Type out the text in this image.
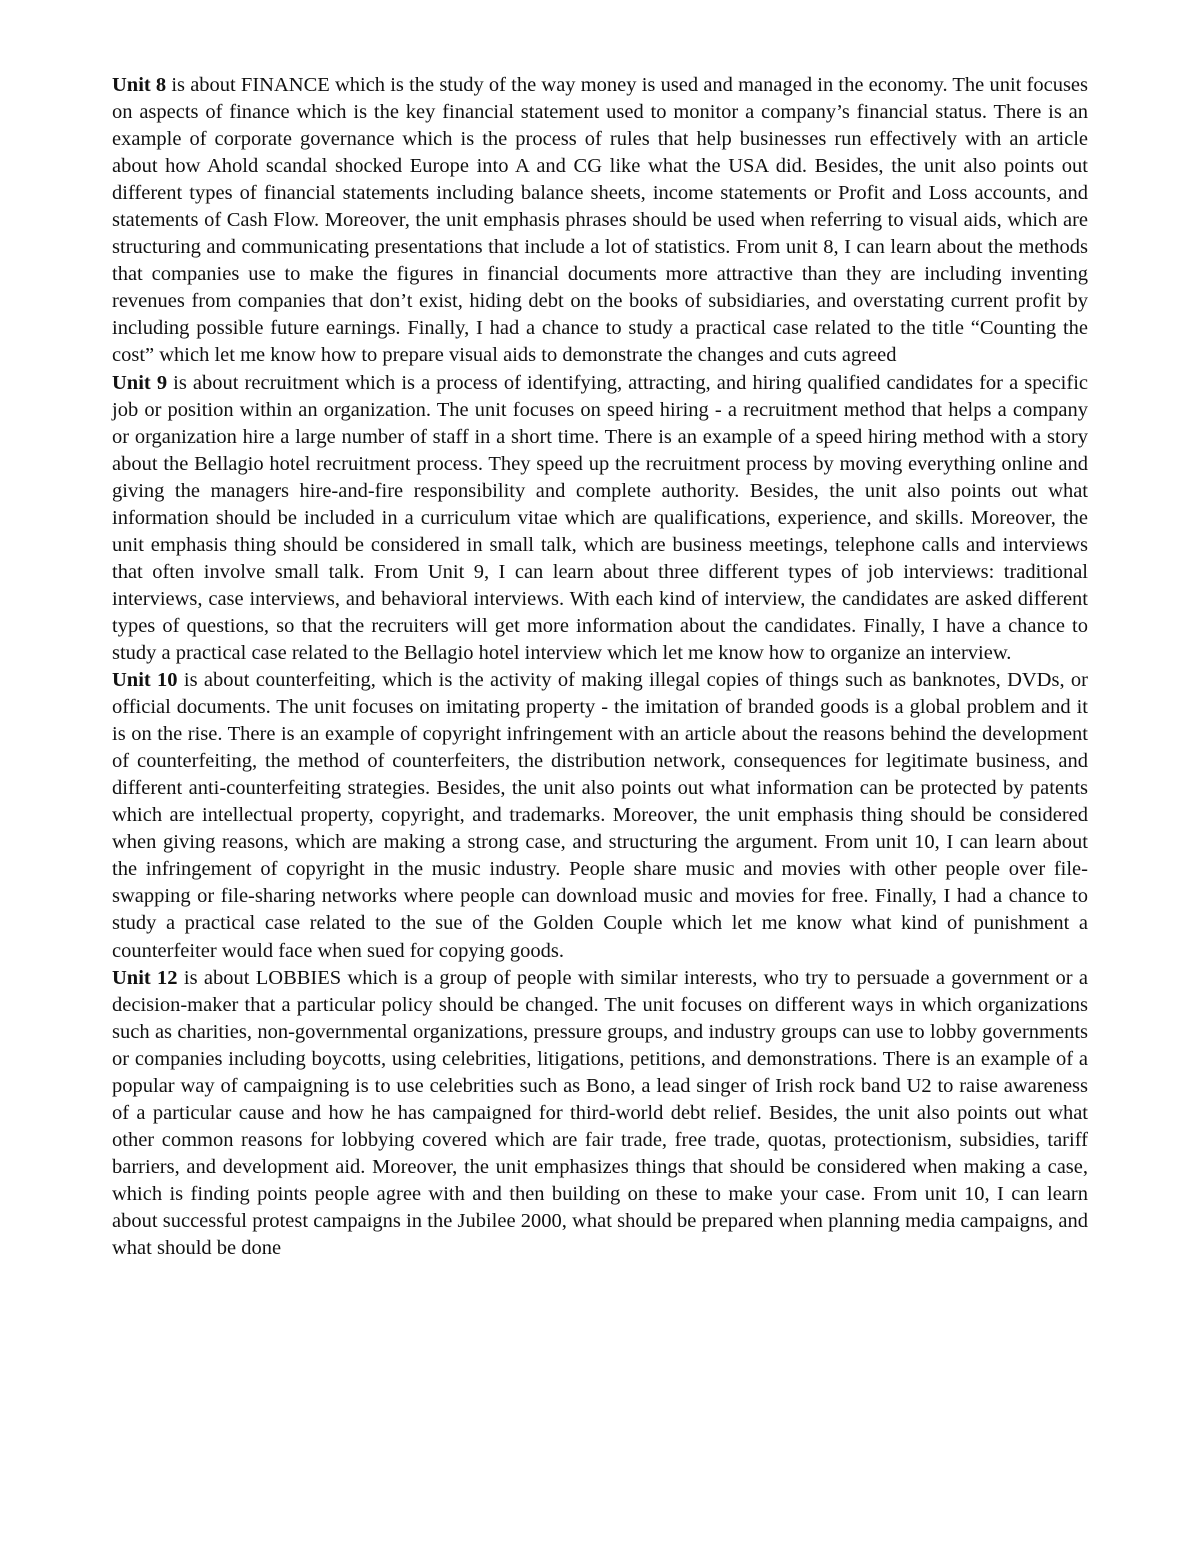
Unit 8 is about FINANCE which is the study of the way money is used and managed in the economy. The unit focuses on aspects of finance which is the key financial statement used to monitor a company’s financial status. There is an example of corporate governance which is the process of rules that help businesses run effectively with an article about how Ahold scandal shocked Europe into A and CG like what the USA did. Besides, the unit also points out different types of financial statements including balance sheets, income statements or Profit and Loss accounts, and statements of Cash Flow. Moreover, the unit emphasis phrases should be used when referring to visual aids, which are structuring and communicating presentations that include a lot of statistics. From unit 8, I can learn about the methods that companies use to make the figures in financial documents more attractive than they are including inventing revenues from companies that don’t exist, hiding debt on the books of subsidiaries, and overstating current profit by including possible future earnings. Finally, I had a chance to study a practical case related to the title “Counting the cost” which let me know how to prepare visual aids to demonstrate the changes and cuts agreed

Unit 9 is about recruitment which is a process of identifying, attracting, and hiring qualified candidates for a specific job or position within an organization. The unit focuses on speed hiring - a recruitment method that helps a company or organization hire a large number of staff in a short time. There is an example of a speed hiring method with a story about the Bellagio hotel recruitment process. They speed up the recruitment process by moving everything online and giving the managers hire-and-fire responsibility and complete authority. Besides, the unit also points out what information should be included in a curriculum vitae which are qualifications, experience, and skills. Moreover, the unit emphasis thing should be considered in small talk, which are business meetings, telephone calls and interviews that often involve small talk. From Unit 9, I can learn about three different types of job interviews: traditional interviews, case interviews, and behavioral interviews. With each kind of interview, the candidates are asked different types of questions, so that the recruiters will get more information about the candidates. Finally, I have a chance to study a practical case related to the Bellagio hotel interview which let me know how to organize an interview.

Unit 10 is about counterfeiting, which is the activity of making illegal copies of things such as banknotes, DVDs, or official documents. The unit focuses on imitating property - the imitation of branded goods is a global problem and it is on the rise. There is an example of copyright infringement with an article about the reasons behind the development of counterfeiting, the method of counterfeiters, the distribution network, consequences for legitimate business, and different anti-counterfeiting strategies. Besides, the unit also points out what information can be protected by patents which are intellectual property, copyright, and trademarks. Moreover, the unit emphasis thing should be considered when giving reasons, which are making a strong case, and structuring the argument. From unit 10, I can learn about the infringement of copyright in the music industry. People share music and movies with other people over file-swapping or file-sharing networks where people can download music and movies for free. Finally, I had a chance to study a practical case related to the sue of the Golden Couple which let me know what kind of punishment a counterfeiter would face when sued for copying goods.

Unit 12 is about LOBBIES which is a group of people with similar interests, who try to persuade a government or a decision-maker that a particular policy should be changed. The unit focuses on different ways in which organizations such as charities, non-governmental organizations, pressure groups, and industry groups can use to lobby governments or companies including boycotts, using celebrities, litigations, petitions, and demonstrations. There is an example of a popular way of campaigning is to use celebrities such as Bono, a lead singer of Irish rock band U2 to raise awareness of a particular cause and how he has campaigned for third-world debt relief. Besides, the unit also points out what other common reasons for lobbying covered which are fair trade, free trade, quotas, protectionism, subsidies, tariff barriers, and development aid. Moreover, the unit emphasizes things that should be considered when making a case, which is finding points people agree with and then building on these to make your case. From unit 10, I can learn about successful protest campaigns in the Jubilee 2000, what should be prepared when planning media campaigns, and what should be done
